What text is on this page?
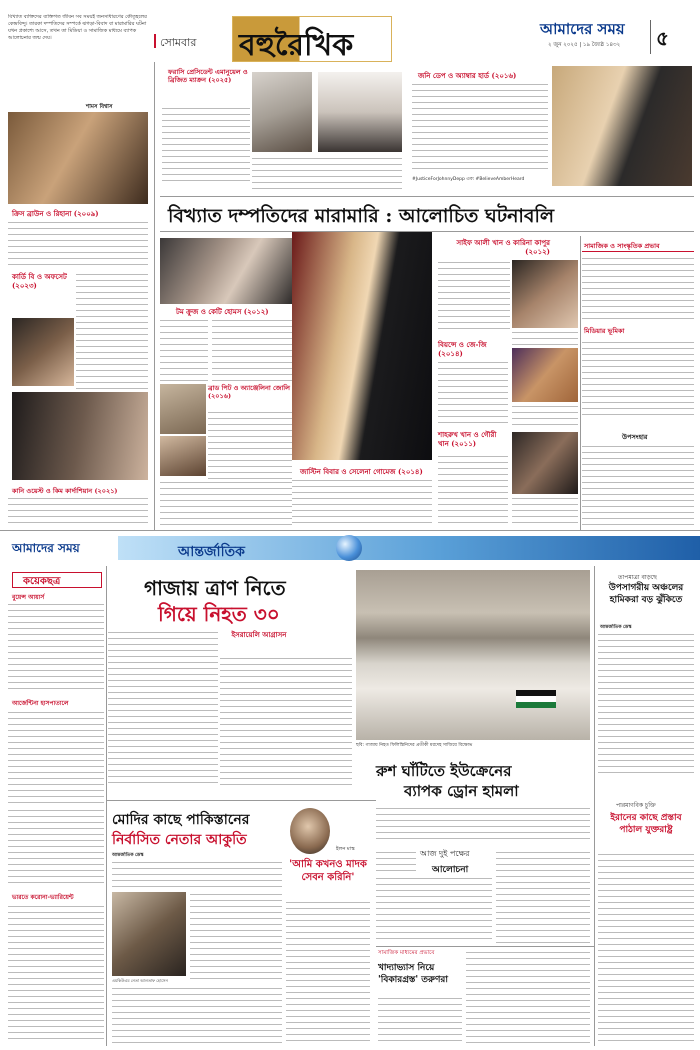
সোমবার বহুরৈখিক	আমাদের সময়
২ জুন ২০২৫ | ১৯ জ্যৈষ্ঠ ১৪৩২ ৫
বিখ্যাত ব্যক্তিদের ব্যক্তিগত জীবন সব সময়ই জনসাধারণের কৌতূহলের কেন্দ্রবিন্দু। তারকা দম্পতিদের সম্পর্কে ঝগড়া-বিবাদ বা মারামারির ঘটনা যখন প্রকাশ্যে আসে, তখন তা মিডিয়া ও সামাজিক মাধ্যমে ব্যাপক আলোচনার জন্ম দেয়।
শামস বিশ্বাস
ফরাসি প্রেসিডেন্ট এমানুয়েল ও ব্রিজিত ম্যাক্রন (২০২৫)	জনি ডেপ ও অ্যাম্বার হার্ড (২০১৬)
#JusticeForJohnnyDepp এবং #BelieveAmberHeard
বিখ্যাত দম্পতিদের মারামারি : আলোচিত ঘটনাবলি
ক্রিস ব্রাউন ও রিহানা (২০০৯)
কার্ডি বি ও অফসেট (২০২৩)
কানি ওয়েস্ট ও কিম কার্দাশিয়ান (২০২১)
টম ক্রুজ ও কেটি হোমস (২০১২)
ব্রাড পিট ও অ্যাঞ্জেলিনা জোলি (২০১৬)
জাস্টিন বিবার ও সেলেনা গোমেজ (২০১৪)
সাইফ আলী খান ও কারিনা কাপুর (২০১২)
বিয়ন্সে ও জে-জি (২০১৪)
শাহরুখ খান ও গৌরী খান (২০১১)
সামাজিক ও সাংস্কৃতিক প্রভাব
মিডিয়ার ভূমিকা
উপসংহার
আমাদের সময়	আন্তর্জাতিক
কয়েকছত্র
বুয়েন্স আয়ার্স
আর্জেন্টিনা হাসপাতালে
ভারতে করোনা-ভ্যারিয়েন্ট
গাজায় ত্রাণ নিতে
গিয়ে নিহত ৩০
ইসরায়েলি আগ্রাসন
ছবি: গাজায় নিহত ফিলিস্তিনিদের প্রতীকী মরদেহ সাজিয়ে বিক্ষোভ
রুশ ঘাঁটিতে ইউক্রেনের
ব্যাপক ড্রোন হামলা
তাপমাত্রা বাড়ছে
উপসাগরীয় অঞ্চলের হামিকরা বড় ঝুঁকিতে
আন্তর্জাতিক ডেস্ক
পারমাণবিক চুক্তি
ইরানের কাছে প্রস্তাব পাঠাল যুক্তরাষ্ট্র
মোদির কাছে পাকিস্তানের
নির্বাসিত নেতার আকুতি
আন্তর্জাতিক ডেস্ক
এমকিউএম নেতা আলতাফ হোসেন
ইলন মাস্ক
'আমি কখনও মাদক সেবন করিনি'
আজ দুই পক্ষের
আলোচনা
সামাজিক মাধ্যমের প্রভাবে
খাদ্যাভ্যাস নিয়ে 'বিকারগ্রস্ত' তরুণরা
